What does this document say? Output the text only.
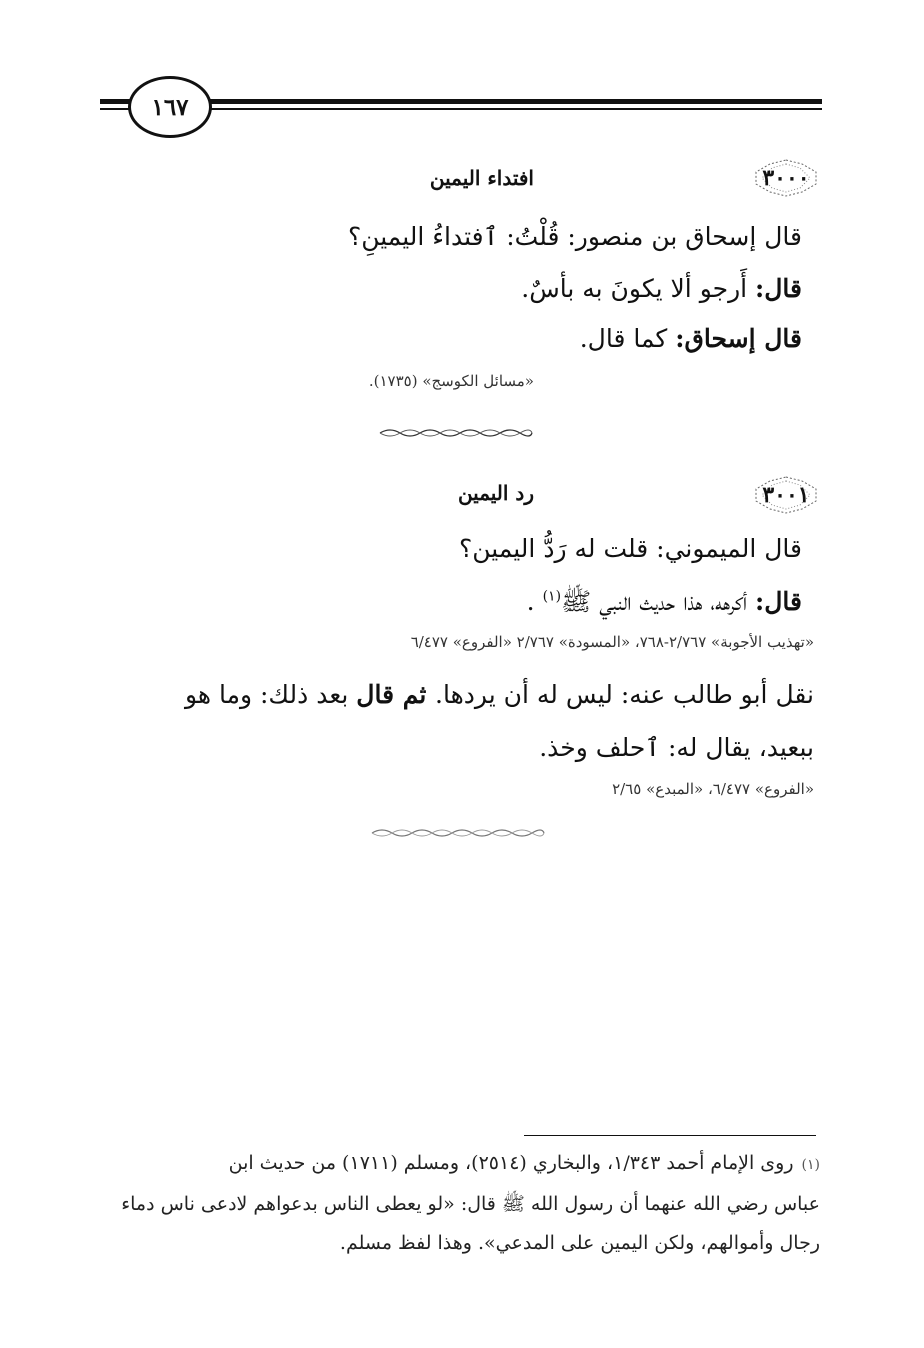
١٦٧
٣٠٠٠
افتداء اليمين
قال إسحاق بن منصور: قُلْتُ: ٱفتداءُ اليمينِ؟
قال: أَرجو ألا يكونَ به بأسٌ.
قال إسحاق: كما قال.
«مسائل الكوسج» (١٧٣٥).
٣٠٠١
رد اليمين
قال الميموني: قلت له رَدُّ اليمين؟
قال: أكرهه، هذا حديث النبي ﷺ$^{(١)}$ .
«تهذيب الأجوبة» ٢/٧٦٧-٧٦٨، «المسودة» ٢/٧٦٧ «الفروع» ٦/٤٧٧
نقل أبو طالب عنه: ليس له أن يردها. ثم قال بعد ذلك: وما هو
ببعيد، يقال له: ٱحلف وخذ.
«الفروع» ٦/٤٧٧، «المبدع» ٢/٦٥
(١)روى الإمام أحمد ١/٣٤٣، والبخاري (٢٥١٤)، ومسلم (١٧١١) من حديث ابن
عباس رضي الله عنهما أن رسول الله ﷺ قال: «لو يعطى الناس بدعواهم لادعى ناس دماء
رجال وأموالهم، ولكن اليمين على المدعي». وهذا لفظ مسلم.
